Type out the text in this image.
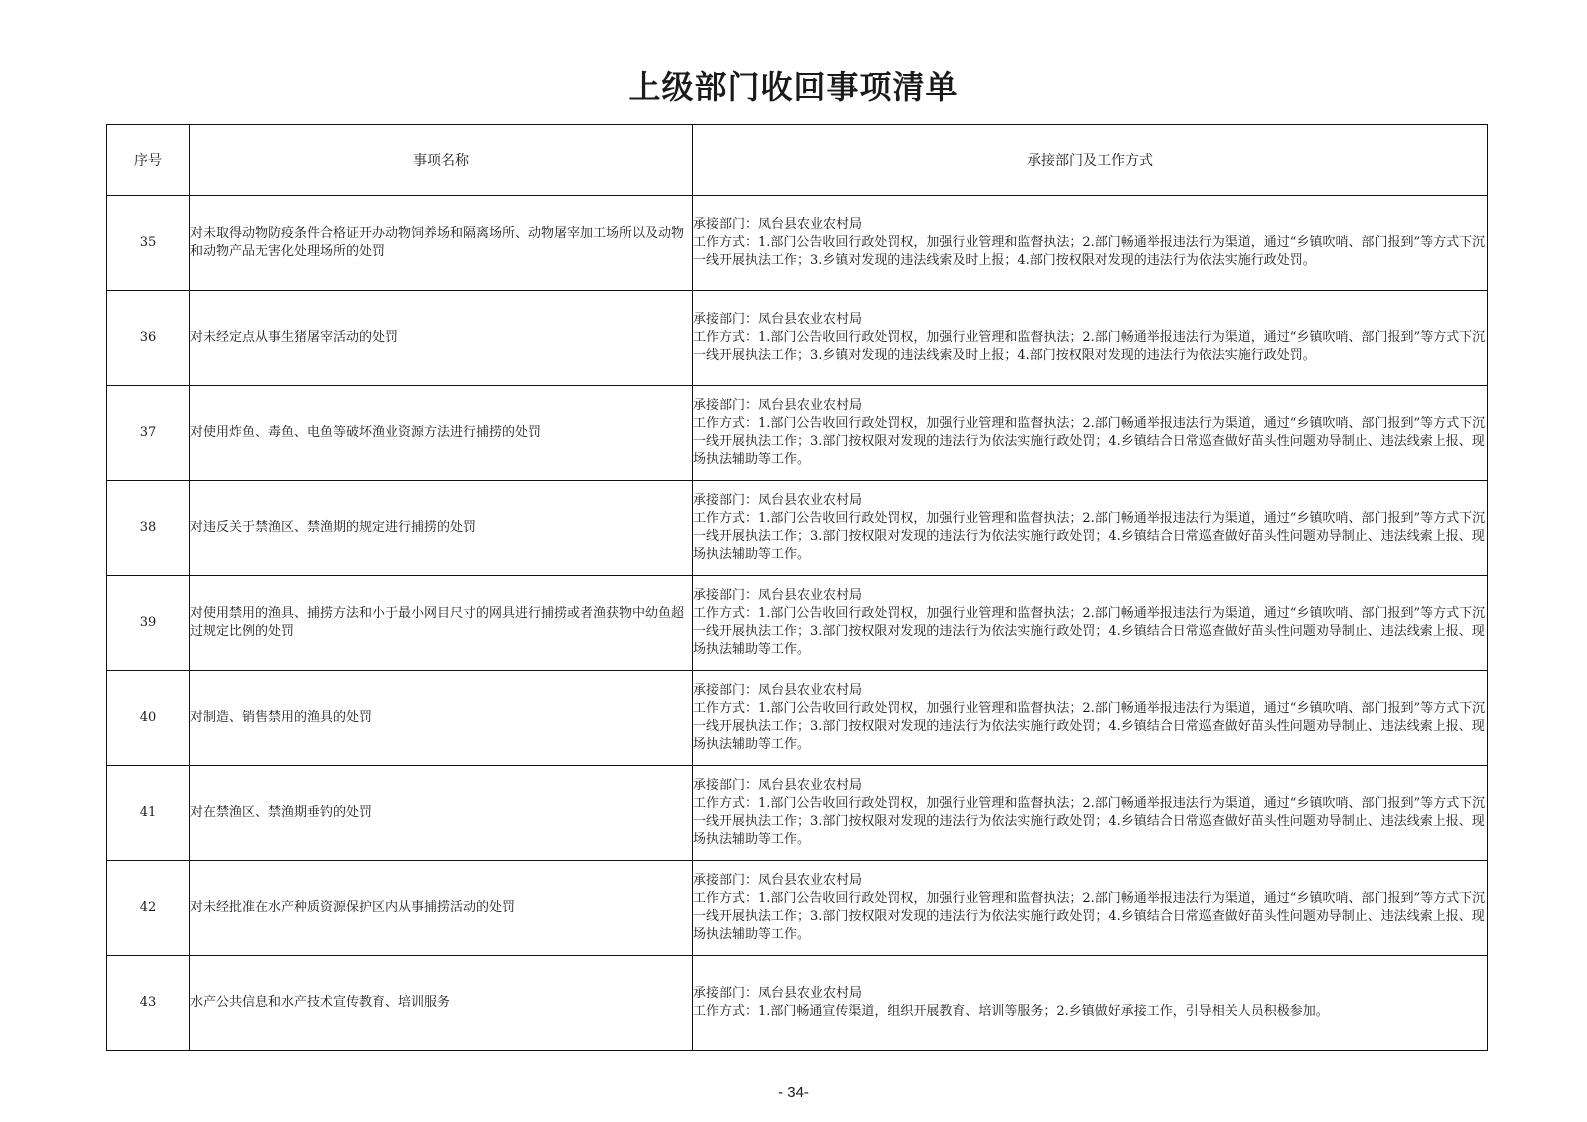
上级部门收回事项清单
序号	事项名称	承接部门及工作方式
35	对未取得动物防疫条件合格证开办动物饲养场和隔离场所、动物屠宰加工场所以及动物和动物产品无害化处理场所的处罚	承接部门：凤台县农业农村局
工作方式：1.部门公告收回行政处罚权，加强行业管理和监督执法；2.部门畅通举报违法行为渠道，通过“乡镇吹哨、部门报到”等方式下沉一线开展执法工作；3.乡镇对发现的违法线索及时上报；4.部门按权限对发现的违法行为依法实施行政处罚。

36	对未经定点从事生猪屠宰活动的处罚	承接部门：凤台县农业农村局
工作方式：1.部门公告收回行政处罚权，加强行业管理和监督执法；2.部门畅通举报违法行为渠道，通过“乡镇吹哨、部门报到”等方式下沉一线开展执法工作；3.乡镇对发现的违法线索及时上报；4.部门按权限对发现的违法行为依法实施行政处罚。

37	对使用炸鱼、毒鱼、电鱼等破坏渔业资源方法进行捕捞的处罚	承接部门：凤台县农业农村局
工作方式：1.部门公告收回行政处罚权，加强行业管理和监督执法；2.部门畅通举报违法行为渠道，通过“乡镇吹哨、部门报到”等方式下沉一线开展执法工作；3.部门按权限对发现的违法行为依法实施行政处罚；4.乡镇结合日常巡查做好苗头性问题劝导制止、违法线索上报、现场执法辅助等工作。

38	对违反关于禁渔区、禁渔期的规定进行捕捞的处罚	承接部门：凤台县农业农村局
工作方式：1.部门公告收回行政处罚权，加强行业管理和监督执法；2.部门畅通举报违法行为渠道，通过“乡镇吹哨、部门报到”等方式下沉一线开展执法工作；3.部门按权限对发现的违法行为依法实施行政处罚；4.乡镇结合日常巡查做好苗头性问题劝导制止、违法线索上报、现场执法辅助等工作。

39	对使用禁用的渔具、捕捞方法和小于最小网目尺寸的网具进行捕捞或者渔获物中幼鱼超过规定比例的处罚	承接部门：凤台县农业农村局
工作方式：1.部门公告收回行政处罚权，加强行业管理和监督执法；2.部门畅通举报违法行为渠道，通过“乡镇吹哨、部门报到”等方式下沉一线开展执法工作；3.部门按权限对发现的违法行为依法实施行政处罚；4.乡镇结合日常巡查做好苗头性问题劝导制止、违法线索上报、现场执法辅助等工作。

40	对制造、销售禁用的渔具的处罚	承接部门：凤台县农业农村局
工作方式：1.部门公告收回行政处罚权，加强行业管理和监督执法；2.部门畅通举报违法行为渠道，通过“乡镇吹哨、部门报到”等方式下沉一线开展执法工作；3.部门按权限对发现的违法行为依法实施行政处罚；4.乡镇结合日常巡查做好苗头性问题劝导制止、违法线索上报、现场执法辅助等工作。

41	对在禁渔区、禁渔期垂钓的处罚	承接部门：凤台县农业农村局
工作方式：1.部门公告收回行政处罚权，加强行业管理和监督执法；2.部门畅通举报违法行为渠道，通过“乡镇吹哨、部门报到”等方式下沉一线开展执法工作；3.部门按权限对发现的违法行为依法实施行政处罚；4.乡镇结合日常巡查做好苗头性问题劝导制止、违法线索上报、现场执法辅助等工作。

42	对未经批准在水产种质资源保护区内从事捕捞活动的处罚	承接部门：凤台县农业农村局
工作方式：1.部门公告收回行政处罚权，加强行业管理和监督执法；2.部门畅通举报违法行为渠道，通过“乡镇吹哨、部门报到”等方式下沉一线开展执法工作；3.部门按权限对发现的违法行为依法实施行政处罚；4.乡镇结合日常巡查做好苗头性问题劝导制止、违法线索上报、现场执法辅助等工作。

43	水产公共信息和水产技术宣传教育、培训服务	承接部门：凤台县农业农村局
工作方式：1.部门畅通宣传渠道，组织开展教育、培训等服务；2.乡镇做好承接工作，引导相关人员积极参加。
- 34-
